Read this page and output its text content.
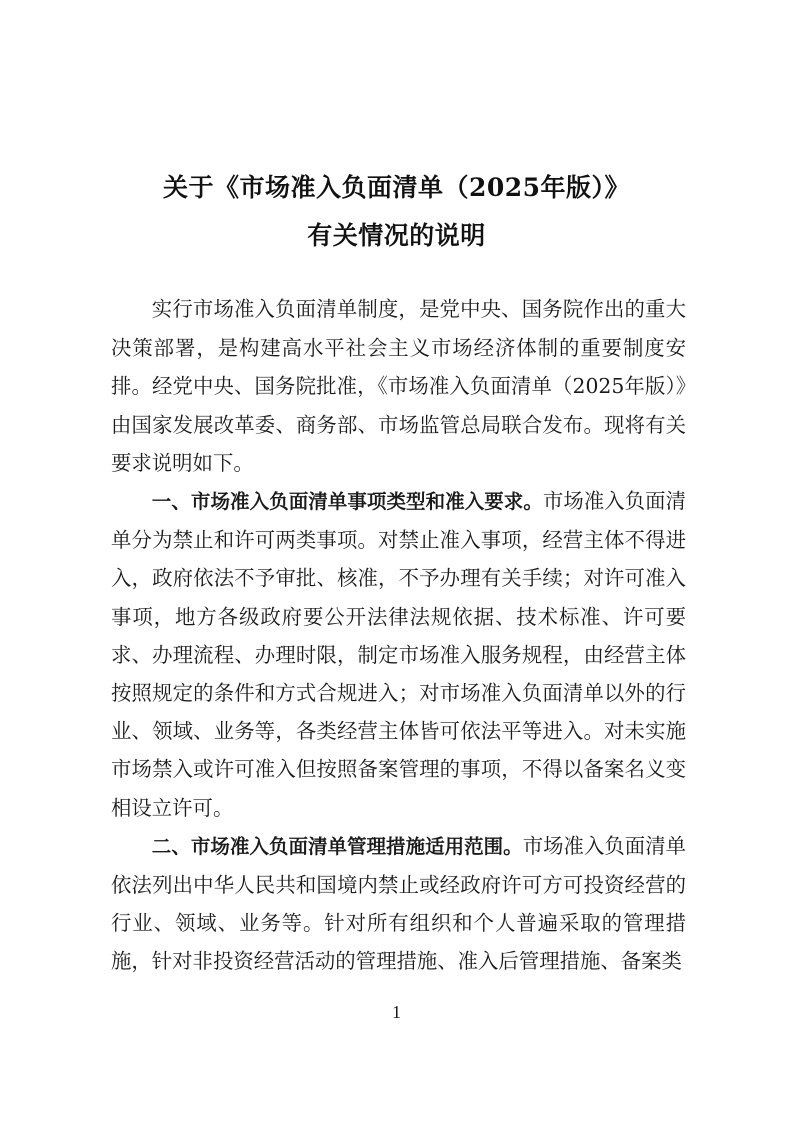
关于《市场准入负面清单（2025年版）》
有关情况的说明

实行市场准入负面清单制度，是党中央、国务院作出的重大决策部署，是构建高水平社会主义市场经济体制的重要制度安排。经党中央、国务院批准，《市场准入负面清单（2025年版）》由国家发展改革委、商务部、市场监管总局联合发布。现将有关要求说明如下。

一、市场准入负面清单事项类型和准入要求。市场准入负面清单分为禁止和许可两类事项。对禁止准入事项，经营主体不得进入，政府依法不予审批、核准，不予办理有关手续；对许可准入事项，地方各级政府要公开法律法规依据、技术标准、许可要求、办理流程、办理时限，制定市场准入服务规程，由经营主体按照规定的条件和方式合规进入；对市场准入负面清单以外的行业、领域、业务等，各类经营主体皆可依法平等进入。对未实施市场禁入或许可准入但按照备案管理的事项，不得以备案名义变相设立许可。

二、市场准入负面清单管理措施适用范围。市场准入负面清单依法列出中华人民共和国境内禁止或经政府许可方可投资经营的行业、领域、业务等。针对所有组织和个人普遍采取的管理措施，针对非投资经营活动的管理措施、准入后管理措施、备案类

1
